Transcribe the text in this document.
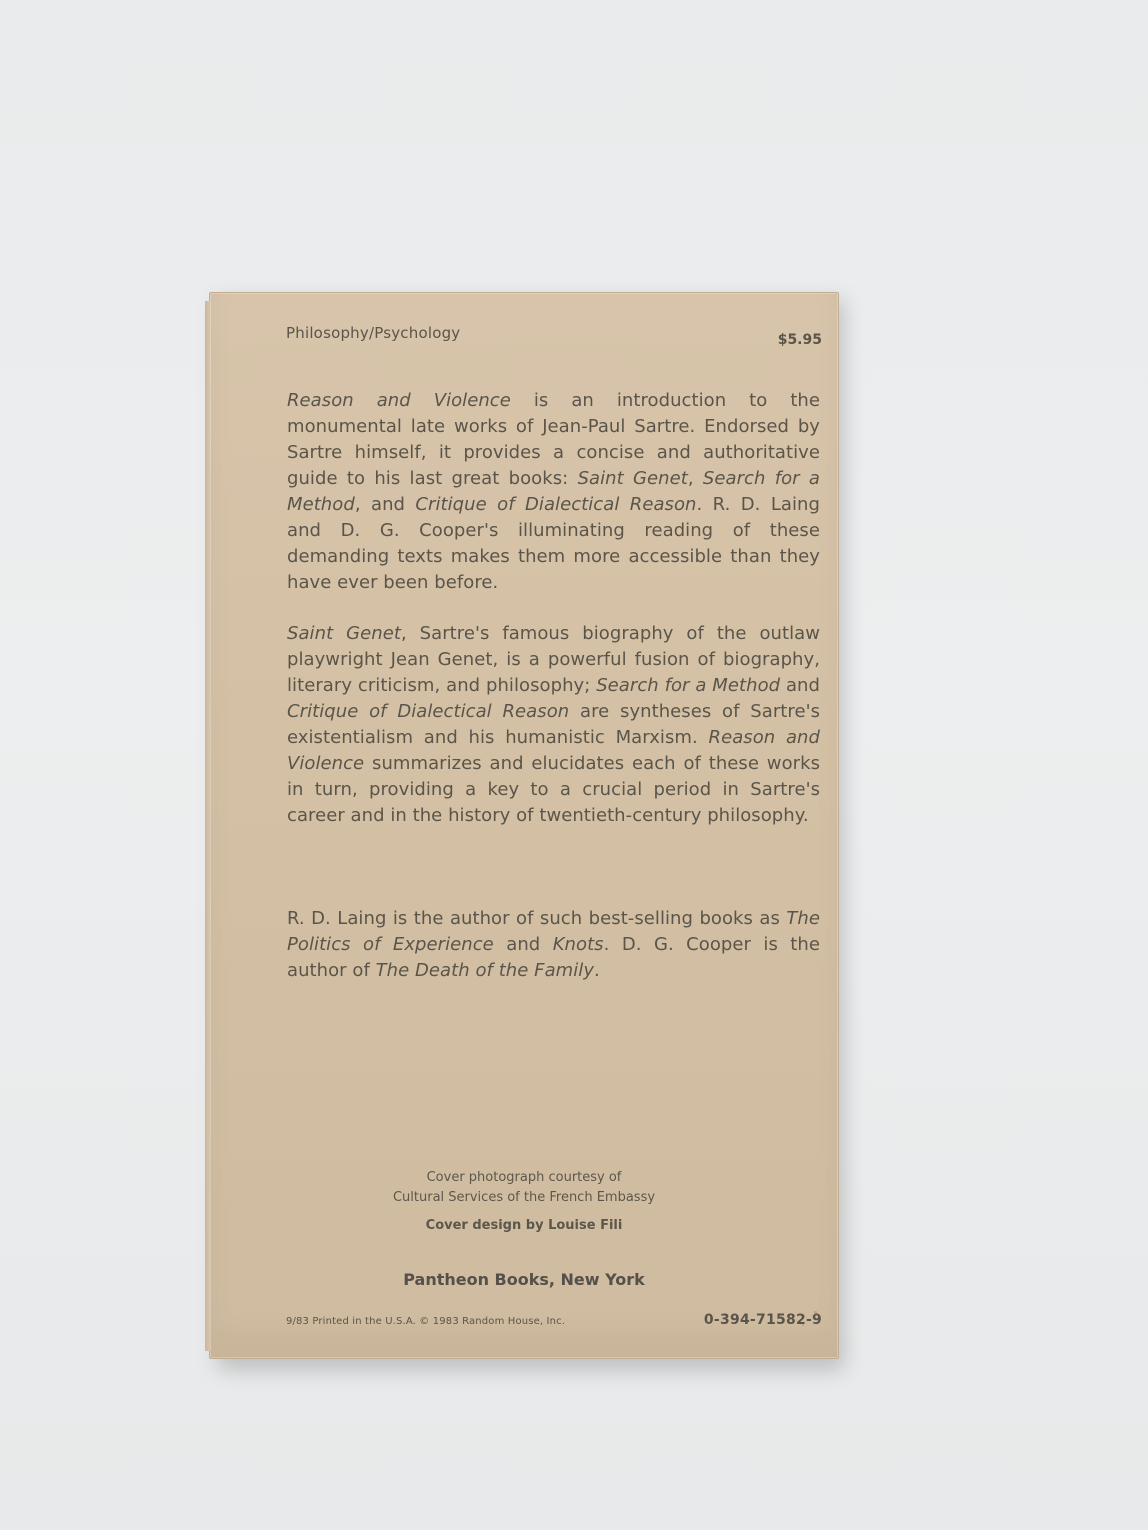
Philosophy/Psychology	$5.95

Reason and Violence is an introduction to the monumental late works of Jean-Paul Sartre. Endorsed by Sartre himself, it provides a concise and authoritative guide to his last great books: Saint Genet, Search for a Method, and Critique of Dialectical Reason. R. D. Laing and D. G. Cooper's illuminating reading of these demanding texts makes them more accessible than they have ever been before.

Saint Genet, Sartre's famous biography of the outlaw playwright Jean Genet, is a powerful fusion of biography, literary criticism, and philosophy; Search for a Method and Critique of Dialectical Reason are syntheses of Sartre's existentialism and his humanistic Marxism. Reason and Violence summarizes and elucidates each of these works in turn, providing a key to a crucial period in Sartre's career and in the history of twentieth-century philosophy.

R. D. Laing is the author of such best-selling books as The Politics of Experience and Knots. D. G. Cooper is the author of The Death of the Family.

Cover photograph courtesy of
Cultural Services of the French Embassy
Cover design by Louise Fili
Pantheon Books, New York
9/83 Printed in the U.S.A. © 1983 Random House, Inc.	0-394-71582-9
